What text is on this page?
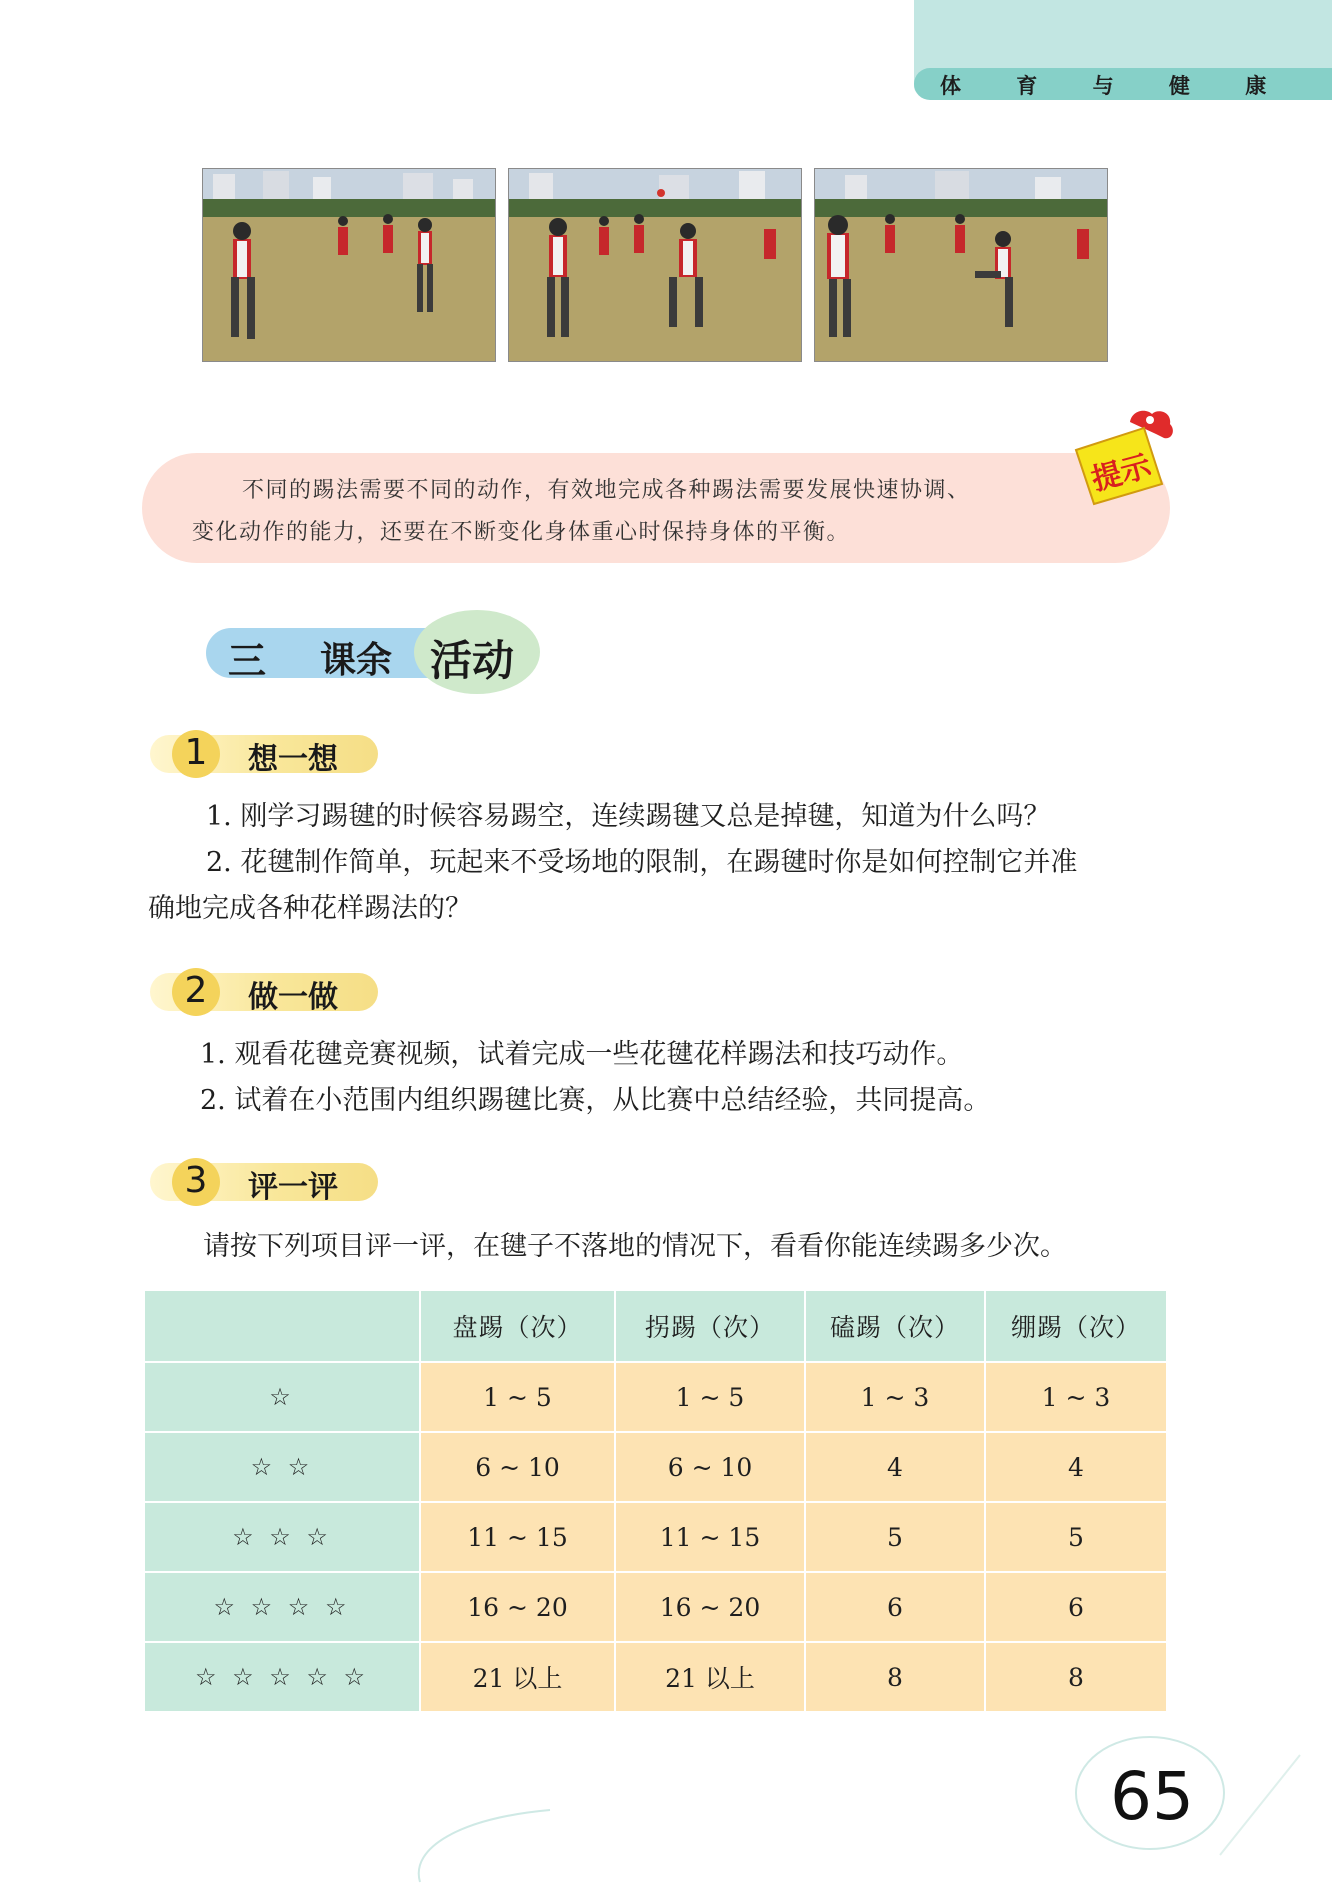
体 育 与 健 康

不同的踢法需要不同的动作，有效地完成各种踢法需要发展快速协调、

变化动作的能力，还要在不断变化身体重心时保持身体的平衡。

提示
三 课余 活动
1	想一想
1. 刚学习踢毽的时候容易踢空，连续踢毽又总是掉毽，知道为什么吗？
2. 花毽制作简单，玩起来不受场地的限制，在踢毽时你是如何控制它并准
确地完成各种花样踢法的？
2	做一做
1. 观看花毽竞赛视频，试着完成一些花毽花样踢法和技巧动作。
2. 试着在小范围内组织踢毽比赛，从比赛中总结经验，共同提高。
3	评一评
请按下列项目评一评，在毽子不落地的情况下，看看你能连续踢多少次。
	盘踢（次）	拐踢（次）	磕踢（次）	绷踢（次）
☆	1 ~ 5	1 ~ 5	1 ~ 3	1 ~ 3
☆ ☆	6 ~ 10	6 ~ 10	4	4
☆ ☆ ☆	11 ~ 15	11 ~ 15	5	5
☆ ☆ ☆ ☆	16 ~ 20	16 ~ 20	6	6
☆ ☆ ☆ ☆ ☆	21 以上	21 以上	8	8
65
